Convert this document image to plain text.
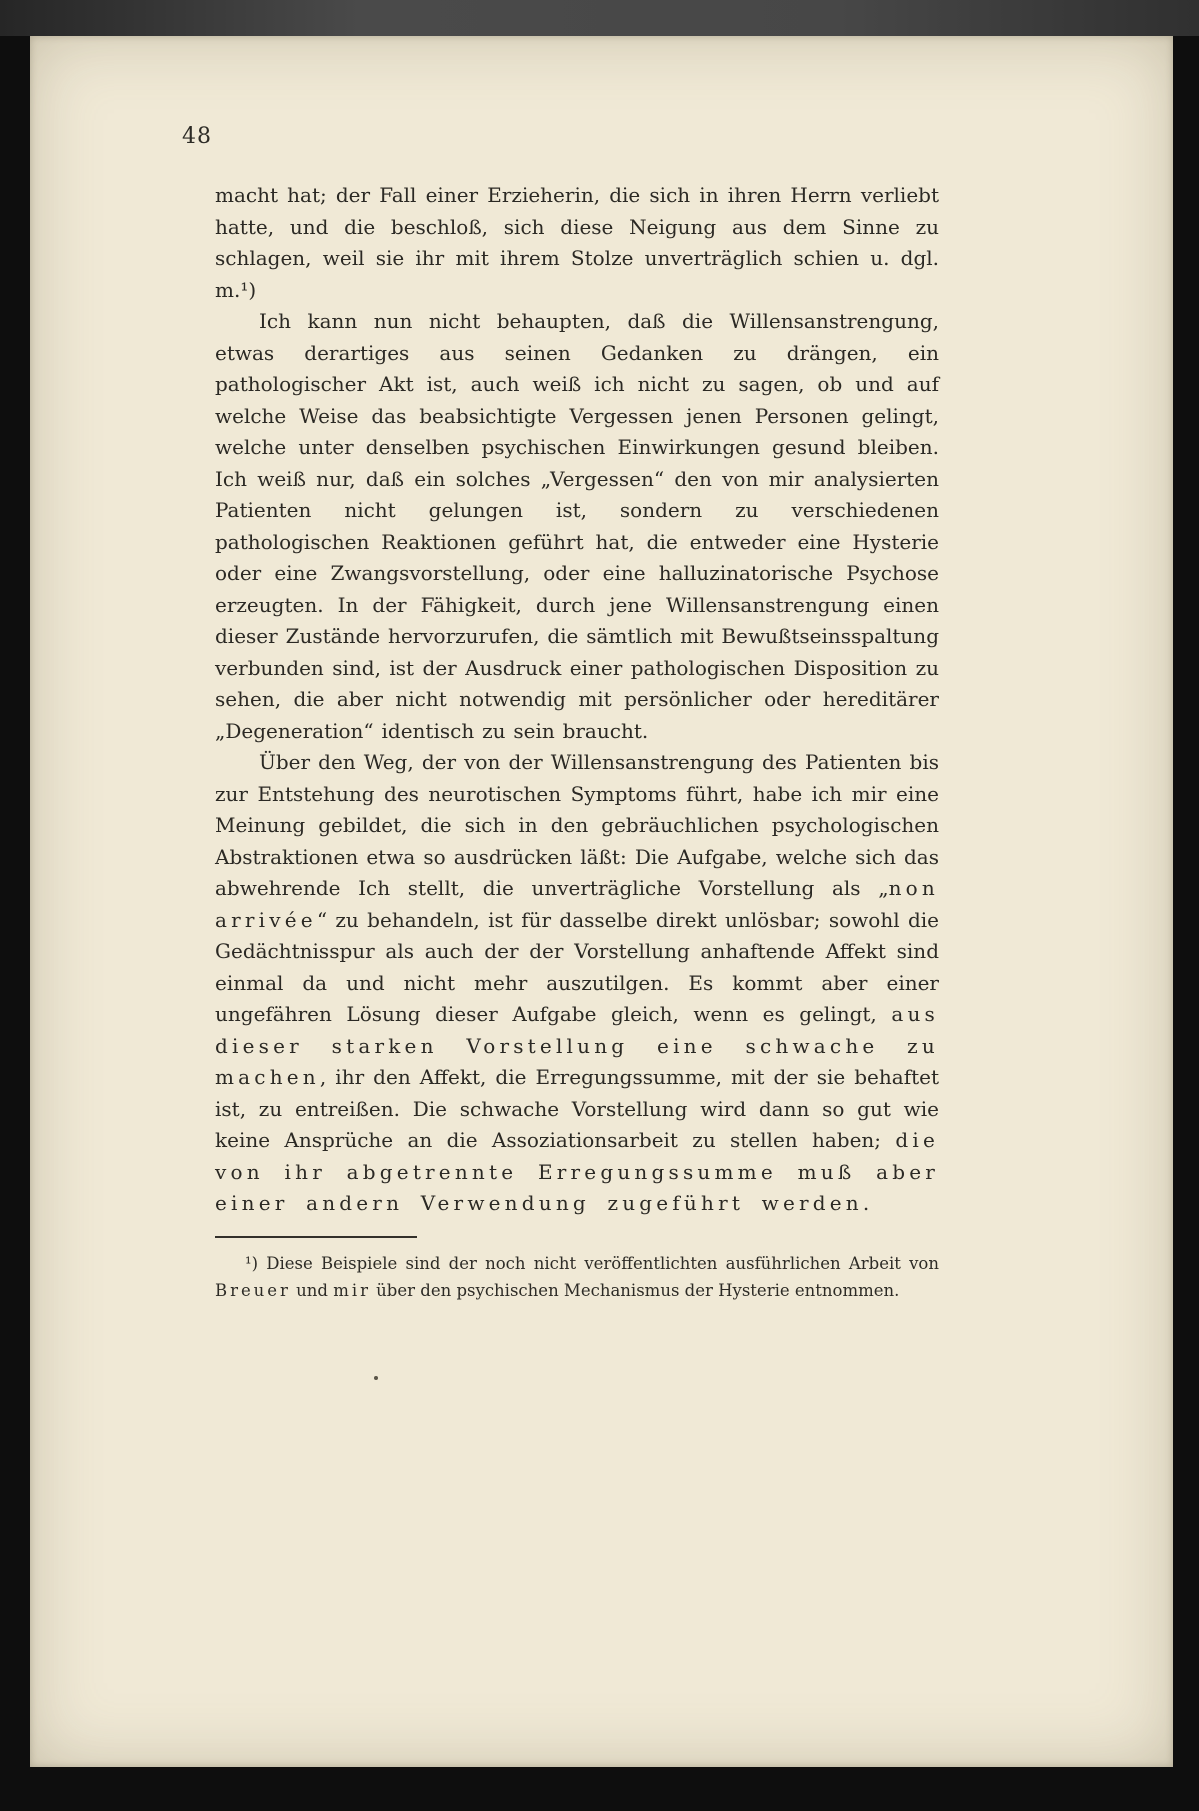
48

macht hat; der Fall einer Erzieherin, die sich in ihren Herrn verliebt hatte, und die beschloß, sich diese Neigung aus dem Sinne zu schlagen, weil sie ihr mit ihrem Stolze unverträglich schien u. dgl. m.¹)

Ich kann nun nicht behaupten, daß die Willensanstrengung, etwas derartiges aus seinen Gedanken zu drängen, ein pathologischer Akt ist, auch weiß ich nicht zu sagen, ob und auf welche Weise das beabsichtigte Vergessen jenen Personen gelingt, welche unter denselben psychischen Einwirkungen gesund bleiben. Ich weiß nur, daß ein solches „Vergessen“ den von mir analysierten Patienten nicht gelungen ist, sondern zu verschiedenen pathologischen Reaktionen geführt hat, die entweder eine Hysterie oder eine Zwangsvorstellung, oder eine halluzinatorische Psychose erzeugten. In der Fähigkeit, durch jene Willensanstrengung einen dieser Zustände hervorzurufen, die sämtlich mit Bewußtseinsspaltung verbunden sind, ist der Ausdruck einer pathologischen Disposition zu sehen, die aber nicht notwendig mit persönlicher oder hereditärer „Degeneration“ identisch zu sein braucht.

Über den Weg, der von der Willensanstrengung des Patienten bis zur Entstehung des neurotischen Symptoms führt, habe ich mir eine Meinung gebildet, die sich in den gebräuchlichen psychologischen Abstraktionen etwa so ausdrücken läßt: Die Aufgabe, welche sich das abwehrende Ich stellt, die unverträgliche Vorstellung als „non arrivée“ zu behandeln, ist für dasselbe direkt unlösbar; sowohl die Gedächtnisspur als auch der der Vorstellung anhaftende Affekt sind einmal da und nicht mehr auszutilgen. Es kommt aber einer ungefähren Lösung dieser Aufgabe gleich, wenn es gelingt, aus dieser starken Vorstellung eine schwache zu machen, ihr den Affekt, die Erregungssumme, mit der sie behaftet ist, zu entreißen. Die schwache Vorstellung wird dann so gut wie keine Ansprüche an die Assoziationsarbeit zu stellen haben; die von ihr abgetrennte Erregungssumme muß aber einer andern Verwendung zugeführt werden.

¹) Diese Beispiele sind der noch nicht veröffentlichten ausführlichen Arbeit von Breuer und mir über den psychischen Mechanismus der Hysterie entnommen.
